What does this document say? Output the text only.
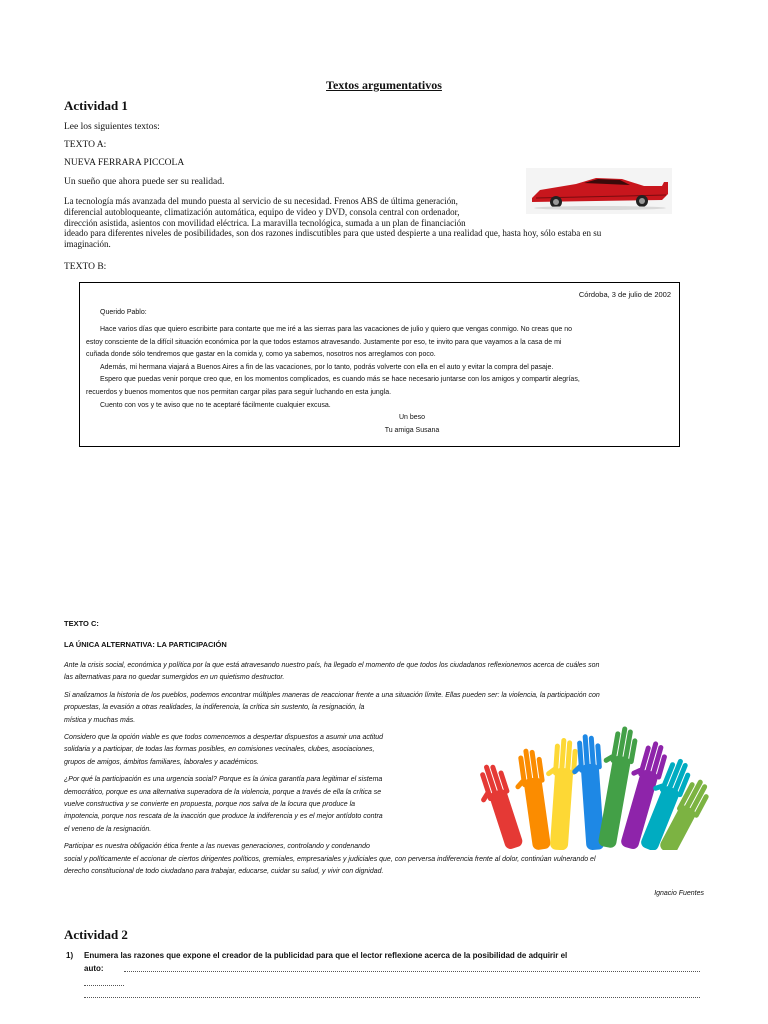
Textos argumentativos
Actividad 1
Lee los siguientes textos:
TEXTO A:
NUEVA FERRARA PICCOLA
Un sueño que ahora puede ser su realidad.
La tecnología más avanzada del mundo puesta al servicio de su necesidad. Frenos ABS de última generación,
diferencial autobloqueante, climatización automática, equipo de video y DVD, consola central con ordenador,
dirección asistida, asientos con movilidad eléctrica. La maravilla tecnológica, sumada a un plan de financiación
ideado para diferentes niveles de posibilidades, son dos razones indiscutibles para que usted despierte a una realidad que, hasta hoy, sólo estaba en su
imaginación.
TEXTO B:

Córdoba, 3 de julio de 2002

Querido Pablo:

Hace varios días que quiero escribirte para contarte que me iré a las sierras para las vacaciones de julio y quiero que vengas conmigo. No creas que no

estoy consciente de la difícil situación económica por la que todos estamos atravesando. Justamente por eso, te invito para que vayamos a la casa de mi

cuñada donde sólo tendremos que gastar en la comida y, como ya sabemos, nosotros nos arreglamos con poco.

Además, mi hermana viajará a Buenos Aires a fin de las vacaciones, por lo tanto, podrás volverte con ella en el auto y evitar la compra del pasaje.

Espero que puedas venir porque creo que, en los momentos complicados, es cuando más se hace necesario juntarse con los amigos y compartir alegrías,

recuerdos y buenos momentos que nos permitan cargar pilas para seguir luchando en esta jungla.

Cuento con vos y te aviso que no te aceptaré fácilmente cualquier excusa.

Un beso

Tu amiga Susana

TEXTO C:
LA ÚNICA ALTERNATIVA: LA PARTICIPACIÓN

Ante la crisis social, económica y política por la que está atravesando nuestro país, ha llegado el momento de que todos los ciudadanos reflexionemos acerca de cuáles son

las alternativas para no quedar sumergidos en un quietismo destructor.

Si analizamos la historia de los pueblos, podemos encontrar múltiples maneras de reaccionar frente a una situación límite. Ellas pueden ser: la violencia, la participación con

propuestas, la evasión a otras realidades, la indiferencia, la crítica sin sustento, la resignación, la

mística y muchas más.

Considero que la opción viable es que todos comencemos a despertar dispuestos a asumir una actitud

solidaria y a participar, de todas las formas posibles, en comisiones vecinales, clubes, asociaciones,

grupos de amigos, ámbitos familiares, laborales y académicos.

¿Por qué la participación es una urgencia social? Porque es la única garantía para legitimar el sistema

democrático, porque es una alternativa superadora de la violencia, porque a través de ella la crítica se

vuelve constructiva y se convierte en propuesta, porque nos salva de la locura que produce la

impotencia, porque nos rescata de la inacción que produce la indiferencia y es el mejor antídoto contra

el veneno de la resignación.

Participar es nuestra obligación ética frente a las nuevas generaciones, controlando y condenando

social y políticamente el accionar de ciertos dirigentes políticos, gremiales, empresariales y judiciales que, con perversa indiferencia frente al dolor, continúan vulnerando el

derecho constitucional de todo ciudadano para trabajar, educarse, cuidar su salud, y vivir con dignidad.

Ignacio Fuentes
Actividad 2
1) Enumera las razones que expone el creador de la publicidad para que el lector reflexione acerca de la posibilidad de adquirir el
auto:
